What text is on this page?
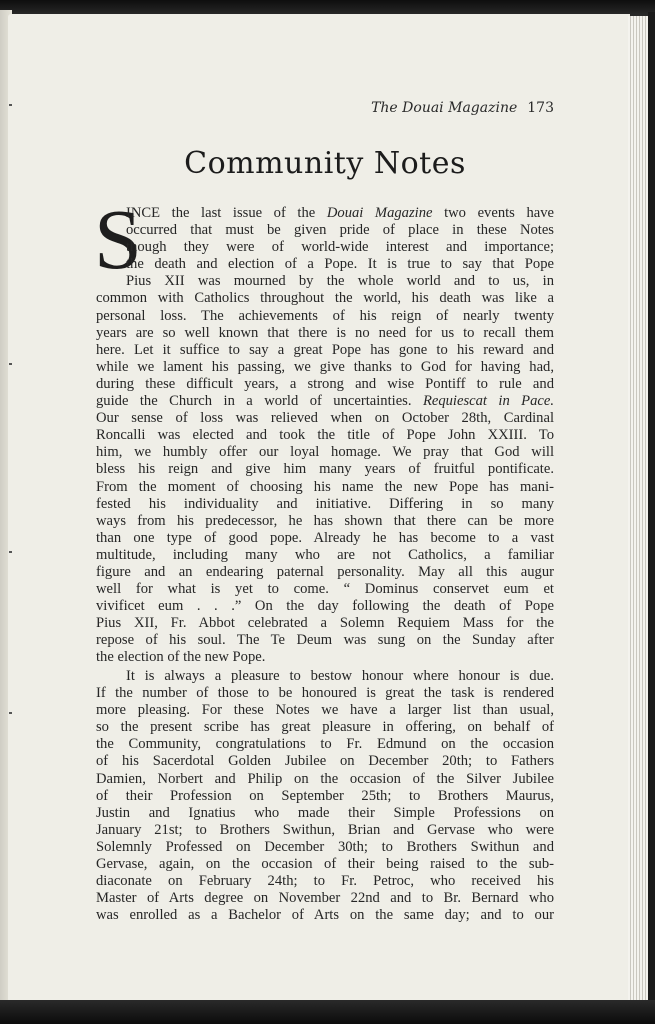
The Douai Magazine 173
Community Notes
S
INCE the last issue of the Douai Magazine two events have
occurred that must be given pride of place in these Notes
though they were of world-wide interest and importance;
the death and election of a Pope. It is true to say that Pope
Pius XII was mourned by the whole world and to us, in
common with Catholics throughout the world, his death was like a
personal loss. The achievements of his reign of nearly twenty
years are so well known that there is no need for us to recall them
here. Let it suffice to say a great Pope has gone to his reward and
while we lament his passing, we give thanks to God for having had,
during these difficult years, a strong and wise Pontiff to rule and
guide the Church in a world of uncertainties. Requiescat in Pace.
Our sense of loss was relieved when on October 28th, Cardinal
Roncalli was elected and took the title of Pope John XXIII. To
him, we humbly offer our loyal homage. We pray that God will
bless his reign and give him many years of fruitful pontificate.
From the moment of choosing his name the new Pope has mani-
fested his individuality and initiative. Differing in so many
ways from his predecessor, he has shown that there can be more
than one type of good pope. Already he has become to a vast
multitude, including many who are not Catholics, a familiar
figure and an endearing paternal personality. May all this augur
well for what is yet to come. “ Dominus conservet eum et
vivificet eum . . .” On the day following the death of Pope
Pius XII, Fr. Abbot celebrated a Solemn Requiem Mass for the
repose of his soul. The Te Deum was sung on the Sunday after
the election of the new Pope.
It is always a pleasure to bestow honour where honour is due.
If the number of those to be honoured is great the task is rendered
more pleasing. For these Notes we have a larger list than usual,
so the present scribe has great pleasure in offering, on behalf of
the Community, congratulations to Fr. Edmund on the occasion
of his Sacerdotal Golden Jubilee on December 20th; to Fathers
Damien, Norbert and Philip on the occasion of the Silver Jubilee
of their Profession on September 25th; to Brothers Maurus,
Justin and Ignatius who made their Simple Professions on
January 21st; to Brothers Swithun, Brian and Gervase who were
Solemnly Professed on December 30th; to Brothers Swithun and
Gervase, again, on the occasion of their being raised to the sub-
diaconate on February 24th; to Fr. Petroc, who received his
Master of Arts degree on November 22nd and to Br. Bernard who
was enrolled as a Bachelor of Arts on the same day; and to our
